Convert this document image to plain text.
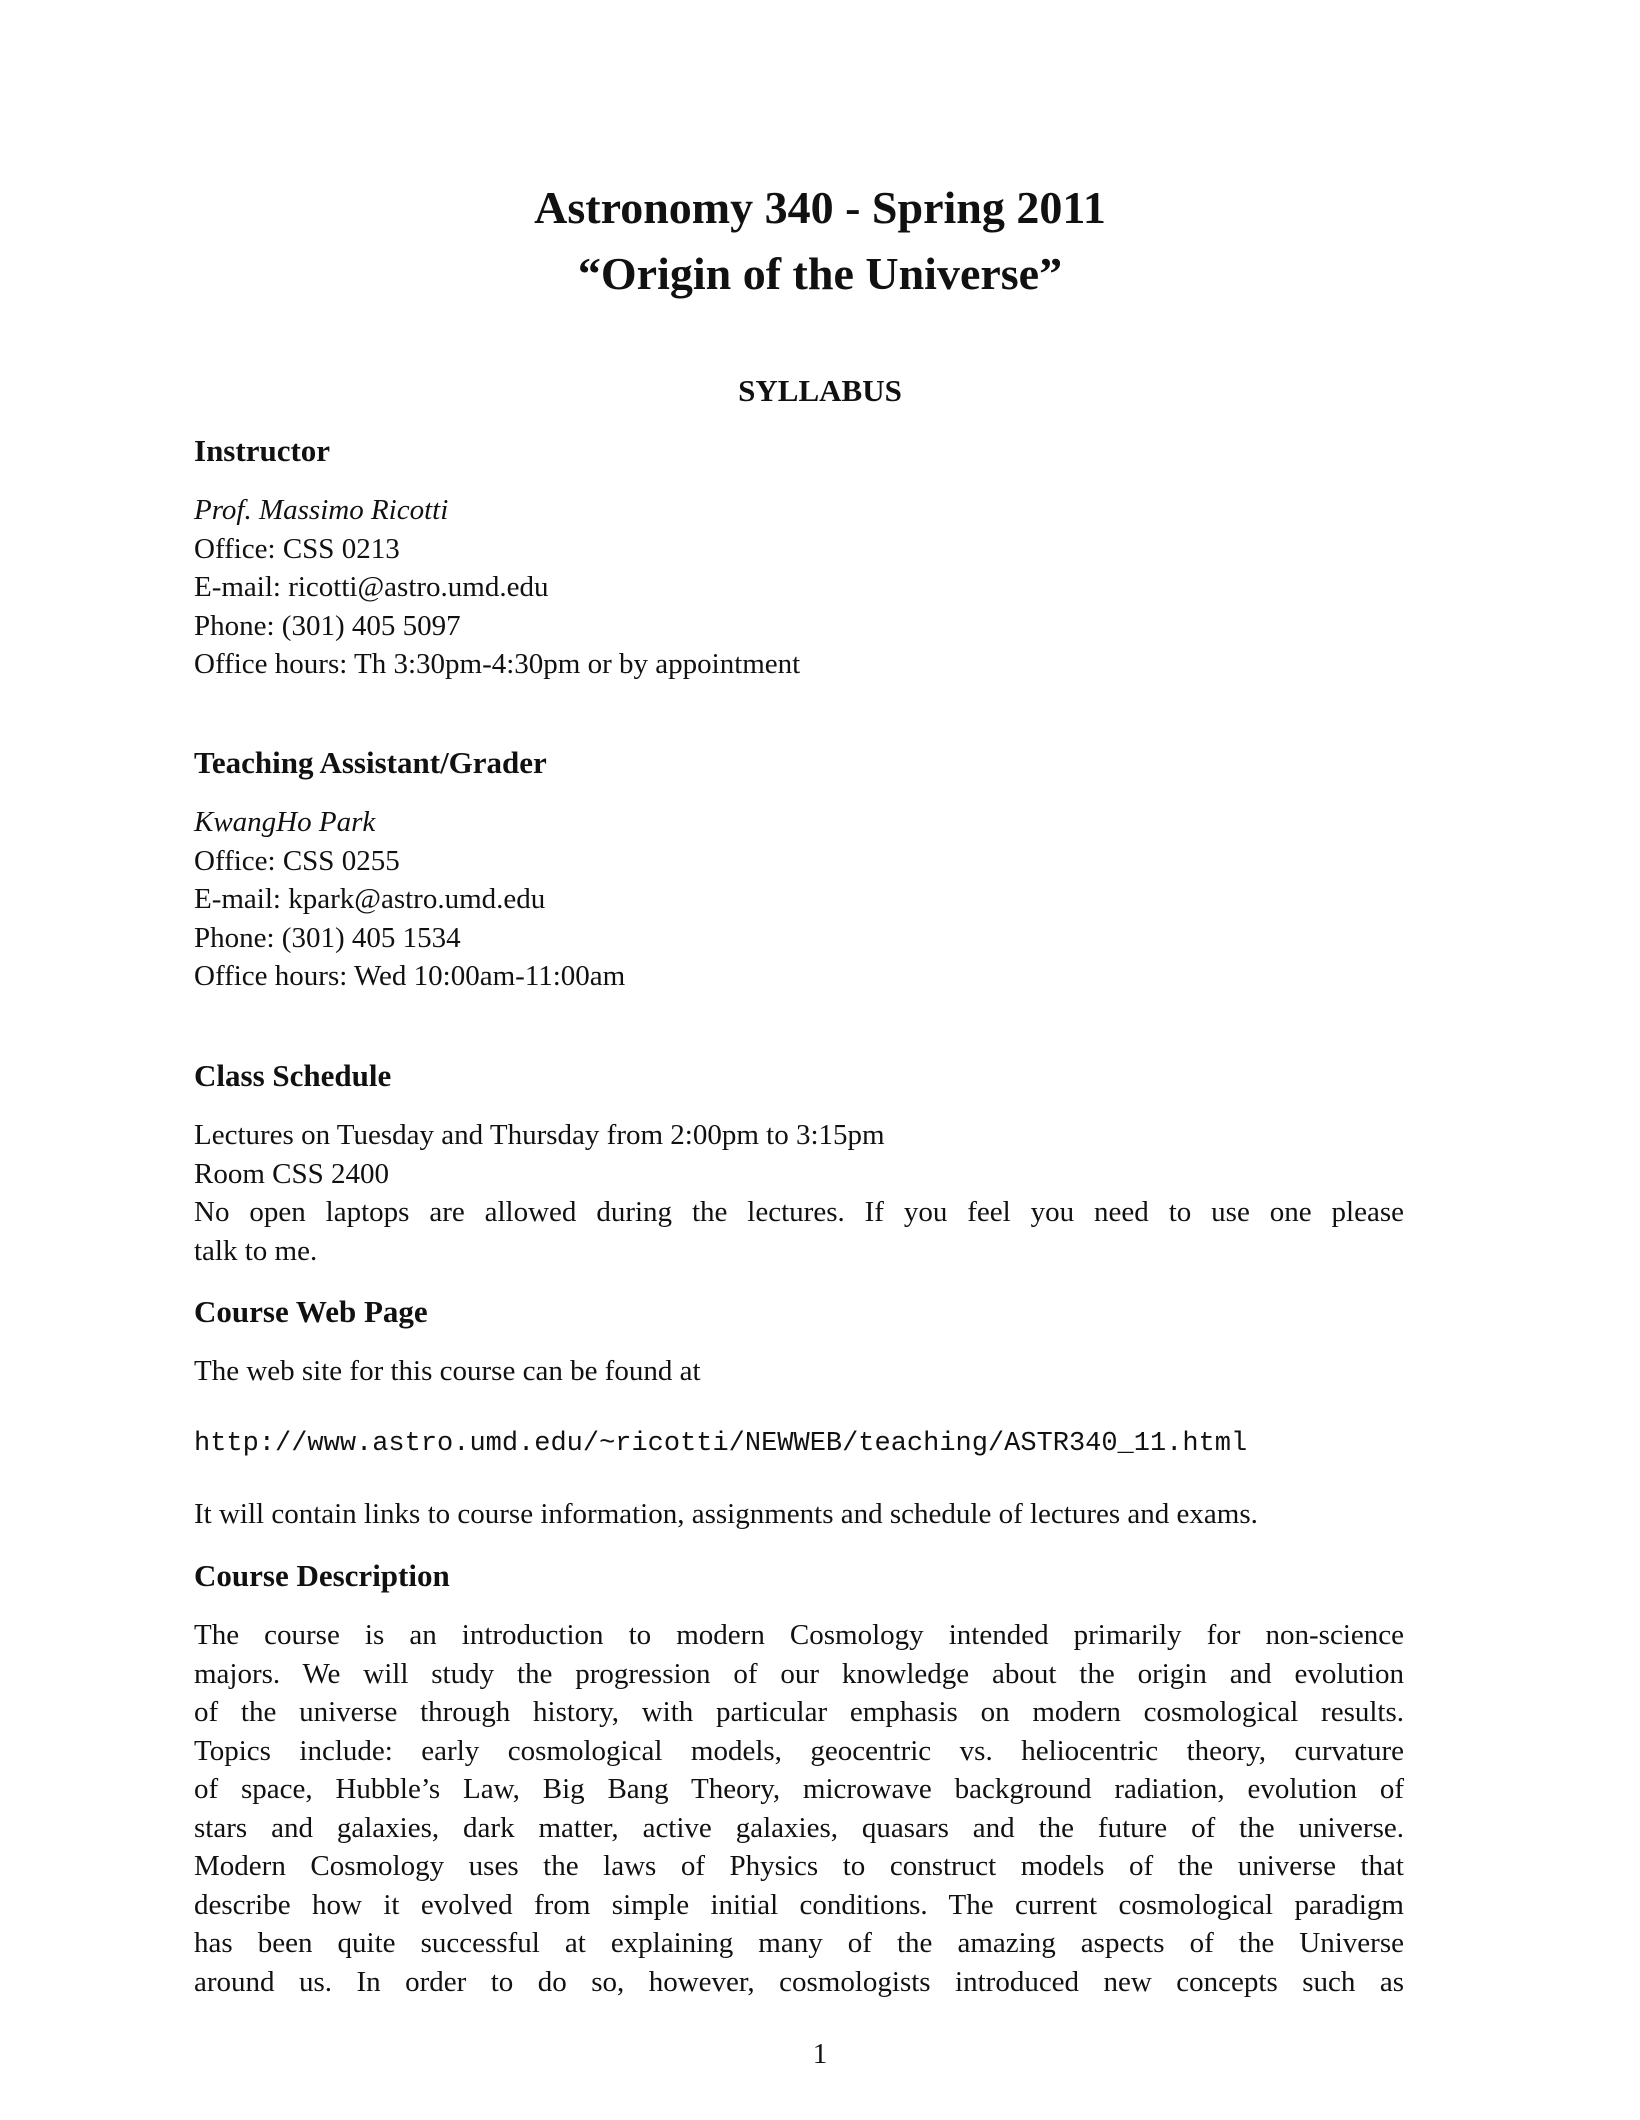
Astronomy 340 - Spring 2011
“Origin of the Universe”
SYLLABUS
Instructor

Prof. Massimo Ricotti

Office: CSS 0213

E-mail: ricotti@astro.umd.edu

Phone: (301) 405 5097

Office hours: Th 3:30pm-4:30pm or by appointment

Teaching Assistant/Grader

KwangHo Park

Office: CSS 0255

E-mail: kpark@astro.umd.edu

Phone: (301) 405 1534

Office hours: Wed 10:00am-11:00am

Class Schedule

Lectures on Tuesday and Thursday from 2:00pm to 3:15pm

Room CSS 2400

No open laptops are allowed during the lectures. If you feel you need to use one please

talk to me.

Course Web Page

The web site for this course can be found at

http://www.astro.umd.edu/~ricotti/NEWWEB/teaching/ASTR340_11.html

It will contain links to course information, assignments and schedule of lectures and exams.

Course Description

The course is an introduction to modern Cosmology intended primarily for non-science

majors. We will study the progression of our knowledge about the origin and evolution

of the universe through history, with particular emphasis on modern cosmological results.

Topics include: early cosmological models, geocentric vs. heliocentric theory, curvature

of space, Hubble’s Law, Big Bang Theory, microwave background radiation, evolution of

stars and galaxies, dark matter, active galaxies, quasars and the future of the universe.

Modern Cosmology uses the laws of Physics to construct models of the universe that

describe how it evolved from simple initial conditions. The current cosmological paradigm

has been quite successful at explaining many of the amazing aspects of the Universe

around us. In order to do so, however, cosmologists introduced new concepts such as

1
